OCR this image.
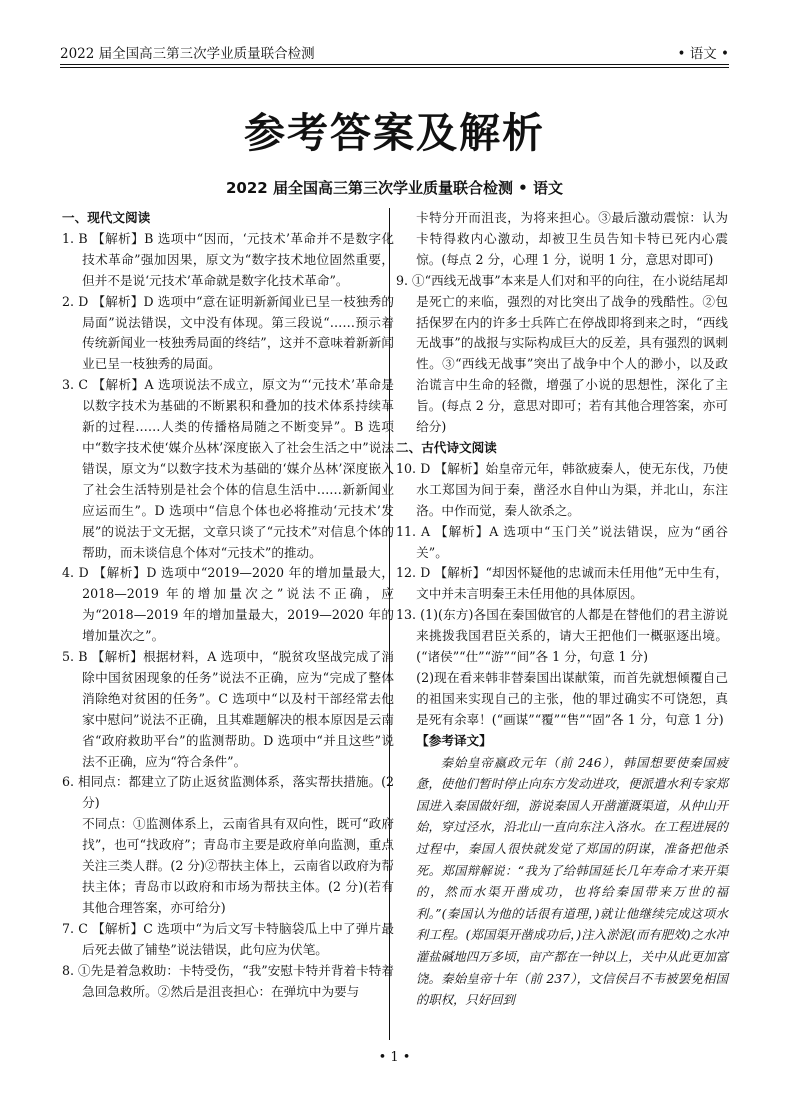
2022 届全国高三第三次学业质量联合检测	• 语文 •
参考答案及解析
2022 届全国高三第三次学业质量联合检测 • 语文

一、现代文阅读

1. B 【解析】B 选项中“因而，‘元技术’革命并不是数字化技术革命”强加因果，原文为“数字技术地位固然重要，但并不是说‘元技术’革命就是数字化技术革命”。

2. D 【解析】D 选项中“意在证明新新闻业已呈一枝独秀的局面”说法错误，文中没有体现。第三段说“……预示着传统新闻业一枝独秀局面的终结”，这并不意味着新新闻业已呈一枝独秀的局面。

3. C 【解析】A 选项说法不成立，原文为“‘元技术’革命是以数字技术为基础的不断累积和叠加的技术体系持续革新的过程……人类的传播格局随之不断变异”。B 选项中“数字技术使‘媒介丛林’深度嵌入了社会生活之中”说法错误，原文为“以数字技术为基础的‘媒介丛林’深度嵌入了社会生活特别是社会个体的信息生活中……新新闻业应运而生”。D 选项中“信息个体也必将推动‘元技术’发展”的说法于文无据，文章只谈了“元技术”对信息个体的帮助，而未谈信息个体对“元技术”的推动。

4. D 【解析】D 选项中“2019—2020 年的增加量最大，2018—2019 年的增加量次之”说法不正确，应为“2018—2019 年的增加量最大，2019—2020 年的增加量次之”。

5. B 【解析】根据材料，A 选项中，“脱贫攻坚战完成了消除中国贫困现象的任务”说法不正确，应为“完成了整体消除绝对贫困的任务”。C 选项中“以及村干部经常去他家中慰问”说法不正确，且其难题解决的根本原因是云南省“政府救助平台”的监测帮助。D 选项中“并且这些”说法不正确，应为“符合条件”。

6. 相同点：都建立了防止返贫监测体系，落实帮扶措施。(2 分)

不同点：①监测体系上，云南省具有双向性，既可“政府找”，也可“找政府”；青岛市主要是政府单向监测，重点关注三类人群。(2 分)②帮扶主体上，云南省以政府为帮扶主体；青岛市以政府和市场为帮扶主体。(2 分)(若有其他合理答案，亦可给分)

7. C 【解析】C 选项中“为后文写卡特脑袋瓜上中了弹片最后死去做了铺垫”说法错误，此句应为伏笔。

8. ①先是着急救助：卡特受伤，“我”安慰卡特并背着卡特着急回急救所。②然后是沮丧担心：在弹坑中为要与

卡特分开而沮丧，为将来担心。③最后激动震惊：认为卡特得救内心激动，却被卫生员告知卡特已死内心震惊。(每点 2 分，心理 1 分，说明 1 分，意思对即可)

9. ①“西线无战事”本来是人们对和平的向往，在小说结尾却是死亡的来临，强烈的对比突出了战争的残酷性。②包括保罗在内的许多士兵阵亡在停战即将到来之时，“西线无战事”的战报与实际构成巨大的反差，具有强烈的讽刺性。③“西线无战事”突出了战争中个人的渺小，以及政治谎言中生命的轻微，增强了小说的思想性，深化了主旨。(每点 2 分，意思对即可；若有其他合理答案，亦可给分)

二、古代诗文阅读

10. D 【解析】始皇帝元年，韩欲疲秦人，使无东伐，乃使水工郑国为间于秦，凿泾水自仲山为渠，并北山，东注洛。中作而觉，秦人欲杀之。

11. A 【解析】A 选项中“玉门关”说法错误，应为“函谷关”。

12. D 【解析】“却因怀疑他的忠诚而未任用他”无中生有，文中并未言明秦王未任用他的具体原因。

13. (1)(东方)各国在秦国做官的人都是在替他们的君主游说来挑拨我国君臣关系的，请大王把他们一概驱逐出境。(“诸侯”“仕”“游”“间”各 1 分，句意 1 分)

(2)现在看来韩非替秦国出谋献策，而首先就想倾覆自己的祖国来实现自己的主张，他的罪过确实不可饶恕，真是死有余辜！(“画谋”“覆”“售”“固”各 1 分，句意 1 分)

【参考译文】

秦始皇帝嬴政元年（前 246），韩国想要使秦国疲惫，使他们暂时停止向东方发动进攻，便派遣水利专家郑国进入秦国做奸细，游说秦国人开凿灌溉渠道，从仲山开始，穿过泾水，沿北山一直向东注入洛水。在工程进展的过程中，秦国人很快就发觉了郑国的阴谋，准备把他杀死。郑国辩解说：“我为了给韩国延长几年寿命才来开渠的，然而水渠开凿成功，也将给秦国带来万世的福利。”(秦国认为他的话很有道理，)就让他继续完成这项水利工程。(郑国渠开凿成功后，)注入淤泥(而有肥效)之水冲灌盐碱地四万多顷，亩产都在一钟以上，关中从此更加富饶。秦始皇帝十年（前 237），文信侯吕不韦被罢免相国的职权，只好回到

• 1 •
